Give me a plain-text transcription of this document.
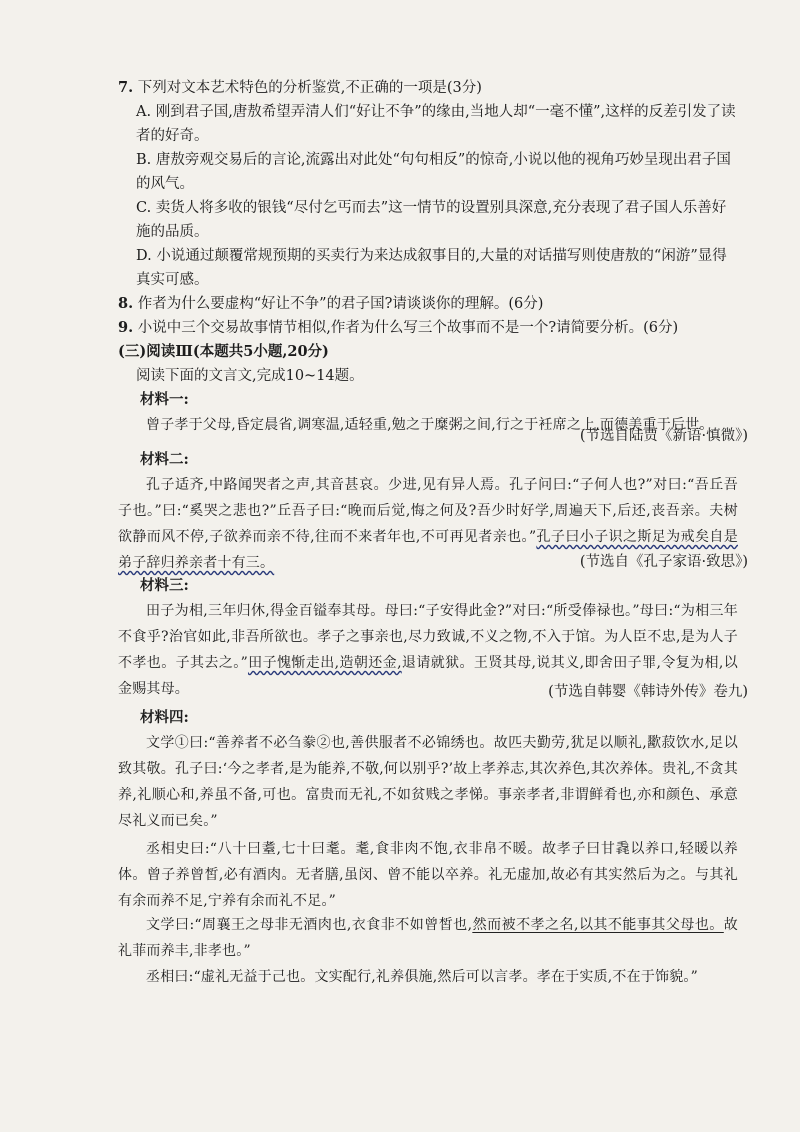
7. 下列对文本艺术特色的分析鉴赏,不正确的一项是(3分)
A. 刚到君子国,唐敖希望弄清人们“好让不争”的缘由,当地人却“一毫不懂”,这样的反差引发了读者的好奇。
B. 唐敖旁观交易后的言论,流露出对此处“句句相反”的惊奇,小说以他的视角巧妙呈现出君子国的风气。
C. 卖货人将多收的银钱“尽付乞丐而去”这一情节的设置别具深意,充分表现了君子国人乐善好施的品质。
D. 小说通过颠覆常规预期的买卖行为来达成叙事目的,大量的对话描写则使唐敖的“闲游”显得真实可感。
8. 作者为什么要虚构“好让不争”的君子国?请谈谈你的理解。(6分)
9. 小说中三个交易故事情节相似,作者为什么写三个故事而不是一个?请简要分析。(6分)
(三)阅读Ⅲ(本题共5小题,20分)
阅读下面的文言文,完成10~14题。
材料一:
曾子孝于父母,昏定晨省,调寒温,适轻重,勉之于糜粥之间,行之于衽席之上,而德美重于后世。
(节选自陆贾《新语·慎微》)
材料二:
孔子适齐,中路闻哭者之声,其音甚哀。少进,见有异人焉。孔子问曰:“子何人也?”对曰:“吾丘吾子也。”曰:“奚哭之悲也?”丘吾子曰:“晚而后觉,悔之何及?吾少时好学,周遍天下,后还,丧吾亲。夫树欲静而风不停,子欲养而亲不待,往而不来者年也,不可再见者亲也。”孔子曰小子识之斯足为戒矣自是弟子辞归养亲者十有三。	(节选自《孔子家语·致思》)
材料三:
田子为相,三年归休,得金百镒奉其母。母曰:“子安得此金?”对曰:“所受俸禄也。”母曰:“为相三年不食乎?治官如此,非吾所欲也。孝子之事亲也,尽力致诚,不义之物,不入于馆。为人臣不忠,是为人子不孝也。子其去之。”田子愧惭走出,造朝还金,退请就狱。王贤其母,说其义,即舍田子罪,令复为相,以金赐其母。	(节选自韩婴《韩诗外传》卷九)
材料四:
文学①曰:“善养者不必刍豢②也,善供服者不必锦绣也。故匹夫勤劳,犹足以顺礼,歠菽饮水,足以致其敬。孔子曰:‘今之孝者,是为能养,不敬,何以别乎?’故上孝养志,其次养色,其次养体。贵礼,不贪其养,礼顺心和,养虽不备,可也。富贵而无礼,不如贫贱之孝悌。事亲孝者,非谓鲜肴也,亦和颜色、承意尽礼义而已矣。”
丞相史曰:“八十曰耋,七十曰耄。耄,食非肉不饱,衣非帛不暖。故孝子曰甘毳以养口,轻暖以养体。曾子养曾皙,必有酒肉。无者膳,虽闵、曾不能以卒养。礼无虚加,故必有其实然后为之。与其礼有余而养不足,宁养有余而礼不足。”
文学曰:“周襄王之母非无酒肉也,衣食非不如曾皙也,然而被不孝之名,以其不能事其父母也。故礼菲而养丰,非孝也。”
丞相曰:“虚礼无益于己也。文实配行,礼养俱施,然后可以言孝。孝在于实质,不在于饰貌。”
